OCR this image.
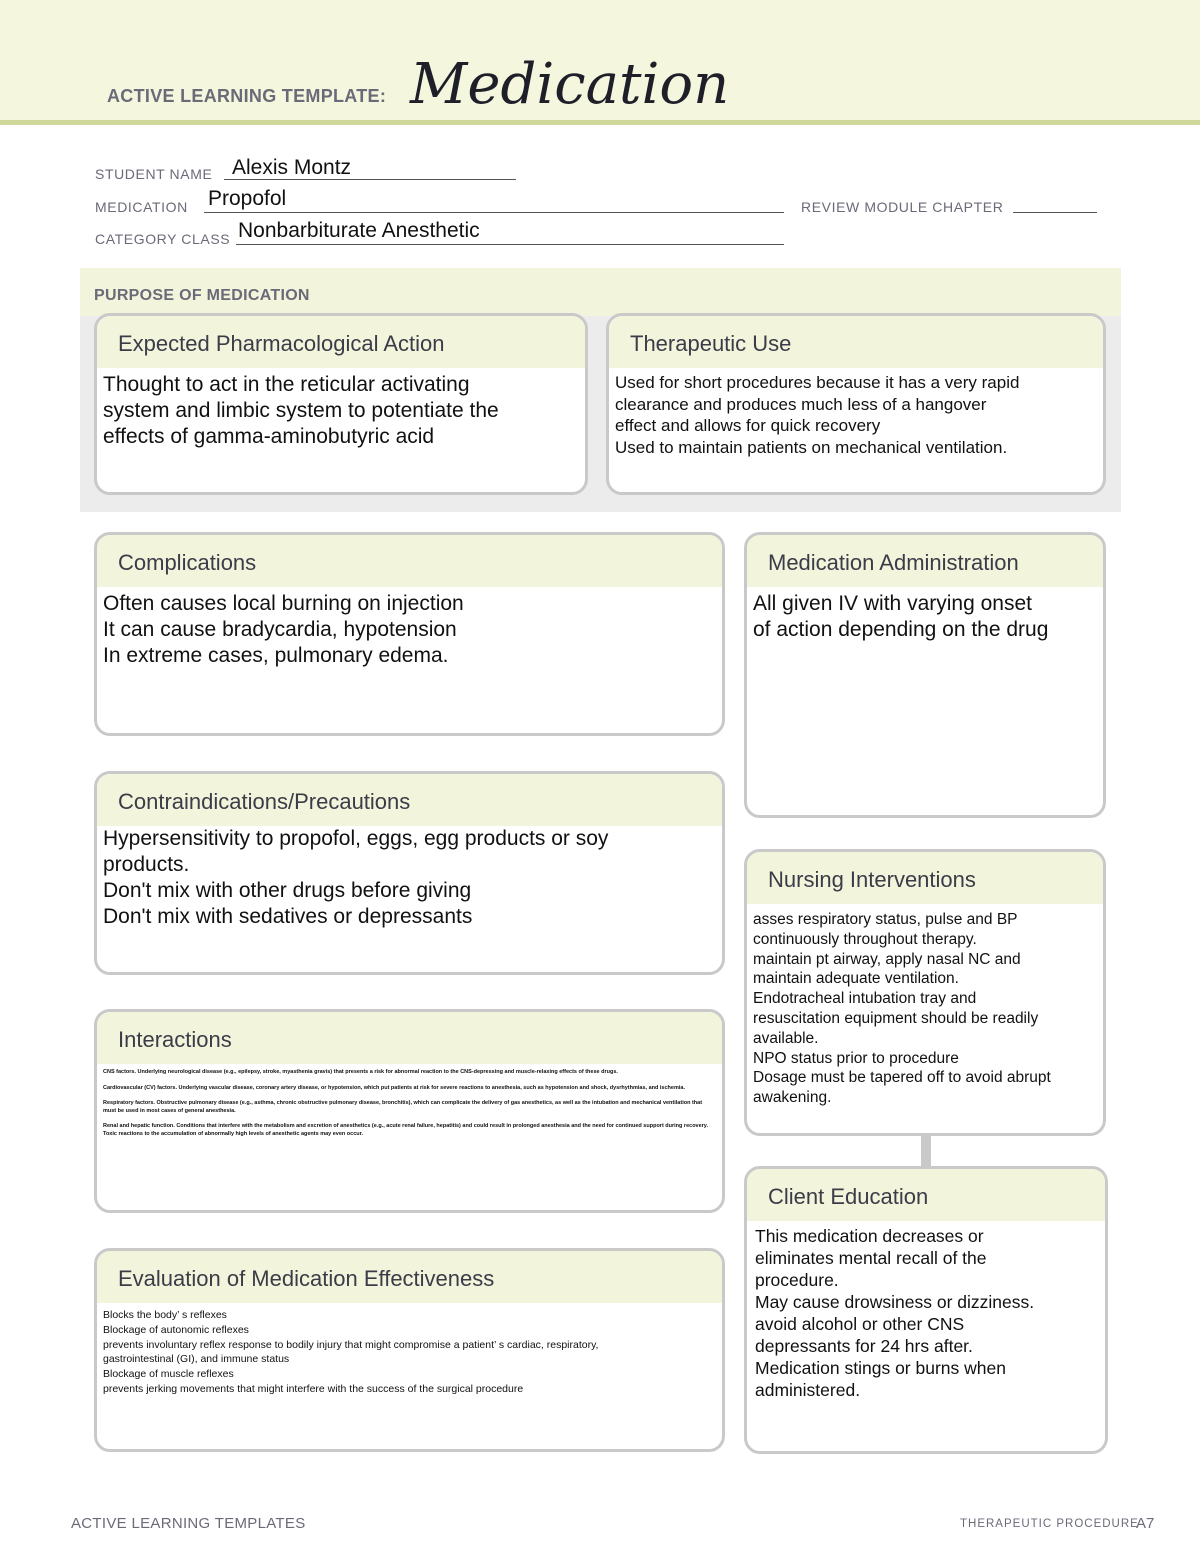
ACTIVE LEARNING TEMPLATE: Medication
STUDENT NAME Alexis Montz
MEDICATION Propofol	REVIEW MODULE CHAPTER
CATEGORY CLASS Nonbarbiturate Anesthetic
PURPOSE OF MEDICATION
Expected Pharmacological Action
Thought to act in the reticular activating
system and limbic system to potentiate the
effects of gamma-aminobutyric acid
Therapeutic Use
Used for short procedures because it has a very rapid
clearance and produces much less of a hangover
effect and allows for quick recovery
Used to maintain patients on mechanical ventilation.
Complications
Often causes local burning on injection
It can cause bradycardia, hypotension
In extreme cases, pulmonary edema.
Medication Administration
All given IV with varying onset
of action depending on the drug
Contraindications/Precautions
Hypersensitivity to propofol, eggs, egg products or soy
products.
Don't mix with other drugs before giving
Don't mix with sedatives or depressants
Nursing Interventions
asses respiratory status, pulse and BP
continuously throughout therapy.
maintain pt airway, apply nasal NC and
maintain adequate ventilation.
Endotracheal intubation tray and
resuscitation equipment should be readily
available.
NPO status prior to procedure
Dosage must be tapered off to avoid abrupt
awakening.
Interactions

CNS factors. Underlying neurological disease (e.g., epilepsy, stroke, myasthenia gravis) that presents a risk for abnormal reaction to the CNS-depressing and muscle-relaxing effects of these drugs.

Cardiovascular (CV) factors. Underlying vascular disease, coronary artery disease, or hypotension, which put patients at risk for severe reactions to anesthesia, such as hypotension and shock, dysrhythmias, and ischemia.

Respiratory factors. Obstructive pulmonary disease (e.g., asthma, chronic obstructive pulmonary disease, bronchitis), which can complicate the delivery of gas anesthetics, as well as the intubation and mechanical ventilation that must be used in most cases of general anesthesia.

Renal and hepatic function. Conditions that interfere with the metabolism and excretion of anesthetics (e.g., acute renal failure, hepatitis) and could result in prolonged anesthesia and the need for continued support during recovery. Toxic reactions to the accumulation of abnormally high levels of anesthetic agents may even occur.

Client Education
This medication decreases or
eliminates mental recall of the
procedure.
May cause drowsiness or dizziness.
avoid alcohol or other CNS
depressants for 24 hrs after.
Medication stings or burns when
administered.
Evaluation of Medication Effectiveness
Blocks the body’ s reflexes
Blockage of autonomic reflexes
prevents involuntary reflex response to bodily injury that might compromise a patient’ s cardiac, respiratory,
gastrointestinal (GI), and immune status
Blockage of muscle reflexes
prevents jerking movements that might interfere with the success of the surgical procedure
ACTIVE LEARNING TEMPLATES	THERAPEUTIC PROCEDURE
A7
